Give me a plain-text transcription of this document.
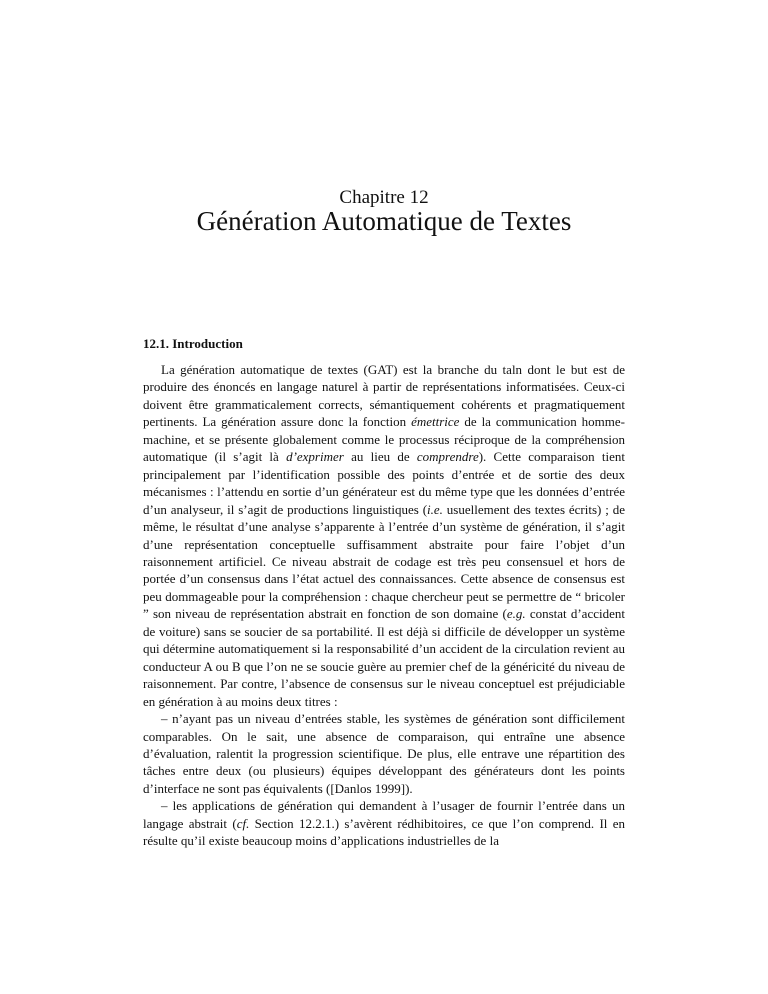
Chapitre 12
Génération Automatique de Textes
12.1. Introduction

La génération automatique de textes (GAT) est la branche du taln dont le but est de produire des énoncés en langage naturel à partir de représentations informatisées. Ceux-ci doivent être grammaticalement corrects, sémantiquement cohérents et pragmatiquement pertinents. La génération assure donc la fonction émettrice de la communication homme-machine, et se présente globalement comme le processus réciproque de la compréhension automatique (il s’agit là d’exprimer au lieu de comprendre). Cette comparaison tient principalement par l’identification possible des points d’entrée et de sortie des deux mécanismes : l’attendu en sortie d’un générateur est du même type que les données d’entrée d’un analyseur, il s’agit de productions linguistiques (i.e. usuellement des textes écrits) ; de même, le résultat d’une analyse s’apparente à l’entrée d’un système de génération, il s’agit d’une représentation conceptuelle suffisamment abstraite pour faire l’objet d’un raisonnement artificiel. Ce niveau abstrait de codage est très peu consensuel et hors de portée d’un consensus dans l’état actuel des connaissances. Cette absence de consensus est peu dommageable pour la compréhension : chaque chercheur peut se permettre de “ bricoler ” son niveau de représentation abstrait en fonction de son domaine (e.g. constat d’accident de voiture) sans se soucier de sa portabilité. Il est déjà si difficile de développer un système qui détermine automatiquement si la responsabilité d’un accident de la circulation revient au conducteur A ou B que l’on ne se soucie guère au premier chef de la généricité du niveau de raisonnement. Par contre, l’absence de consensus sur le niveau conceptuel est préjudiciable en génération à au moins deux titres :

– n’ayant pas un niveau d’entrées stable, les systèmes de génération sont difficilement comparables. On le sait, une absence de comparaison, qui entraîne une absence d’évaluation, ralentit la progression scientifique. De plus, elle entrave une répartition des tâches entre deux (ou plusieurs) équipes développant des générateurs dont les points d’interface ne sont pas équivalents ([Danlos 1999]).

– les applications de génération qui demandent à l’usager de fournir l’entrée dans un langage abstrait (cf. Section 12.2.1.) s’avèrent rédhibitoires, ce que l’on comprend. Il en résulte qu’il existe beaucoup moins d’applications industrielles de la
